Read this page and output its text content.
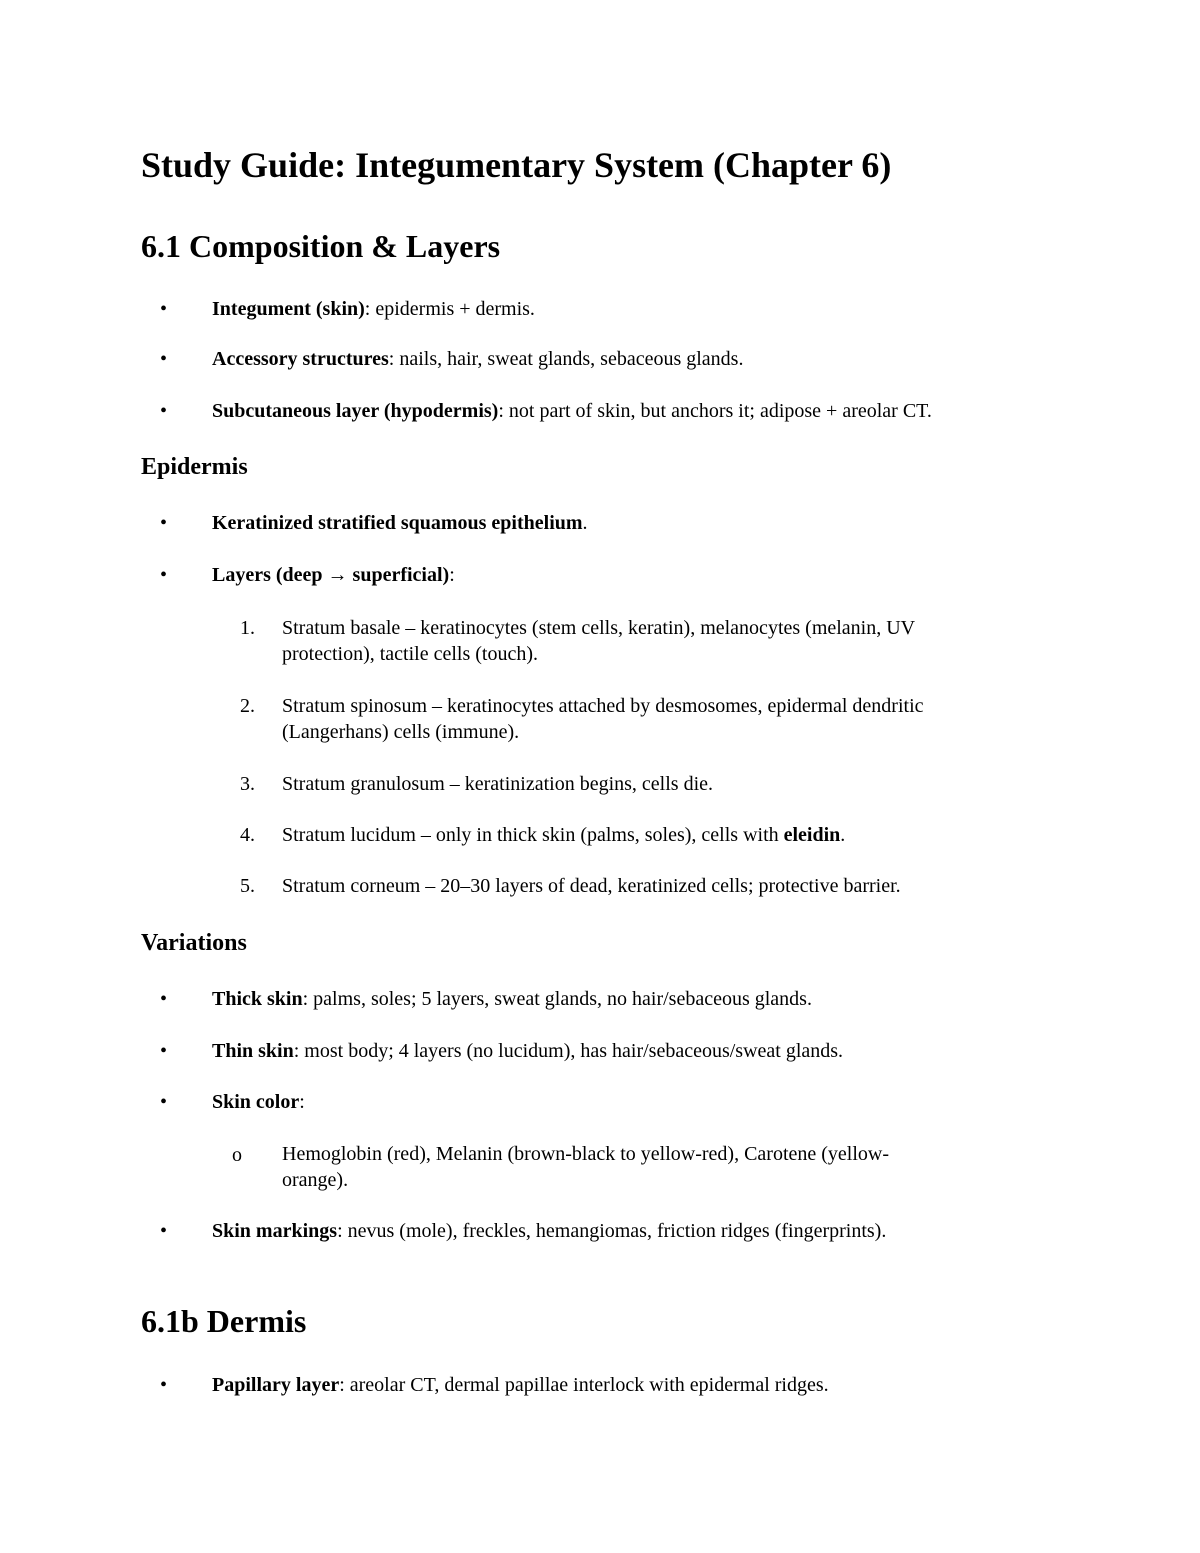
Study Guide: Integumentary System (Chapter 6)
6.1 Composition & Layers
• Integument (skin): epidermis + dermis.
• Accessory structures: nails, hair, sweat glands, sebaceous glands.
• Subcutaneous layer (hypodermis): not part of skin, but anchors it; adipose + areolar CT.
Epidermis
• Keratinized stratified squamous epithelium.
• Layers (deep → superficial):
1. Stratum basale – keratinocytes (stem cells, keratin), melanocytes (melanin, UV
protection), tactile cells (touch).
2. Stratum spinosum – keratinocytes attached by desmosomes, epidermal dendritic
(Langerhans) cells (immune).
3. Stratum granulosum – keratinization begins, cells die.
4. Stratum lucidum – only in thick skin (palms, soles), cells with eleidin.
5. Stratum corneum – 20–30 layers of dead, keratinized cells; protective barrier.
Variations
• Thick skin: palms, soles; 5 layers, sweat glands, no hair/sebaceous glands.
• Thin skin: most body; 4 layers (no lucidum), has hair/sebaceous/sweat glands.
• Skin color:
o Hemoglobin (red), Melanin (brown-black to yellow-red), Carotene (yellow-
orange).
• Skin markings: nevus (mole), freckles, hemangiomas, friction ridges (fingerprints).
6.1b Dermis
• Papillary layer: areolar CT, dermal papillae interlock with epidermal ridges.
